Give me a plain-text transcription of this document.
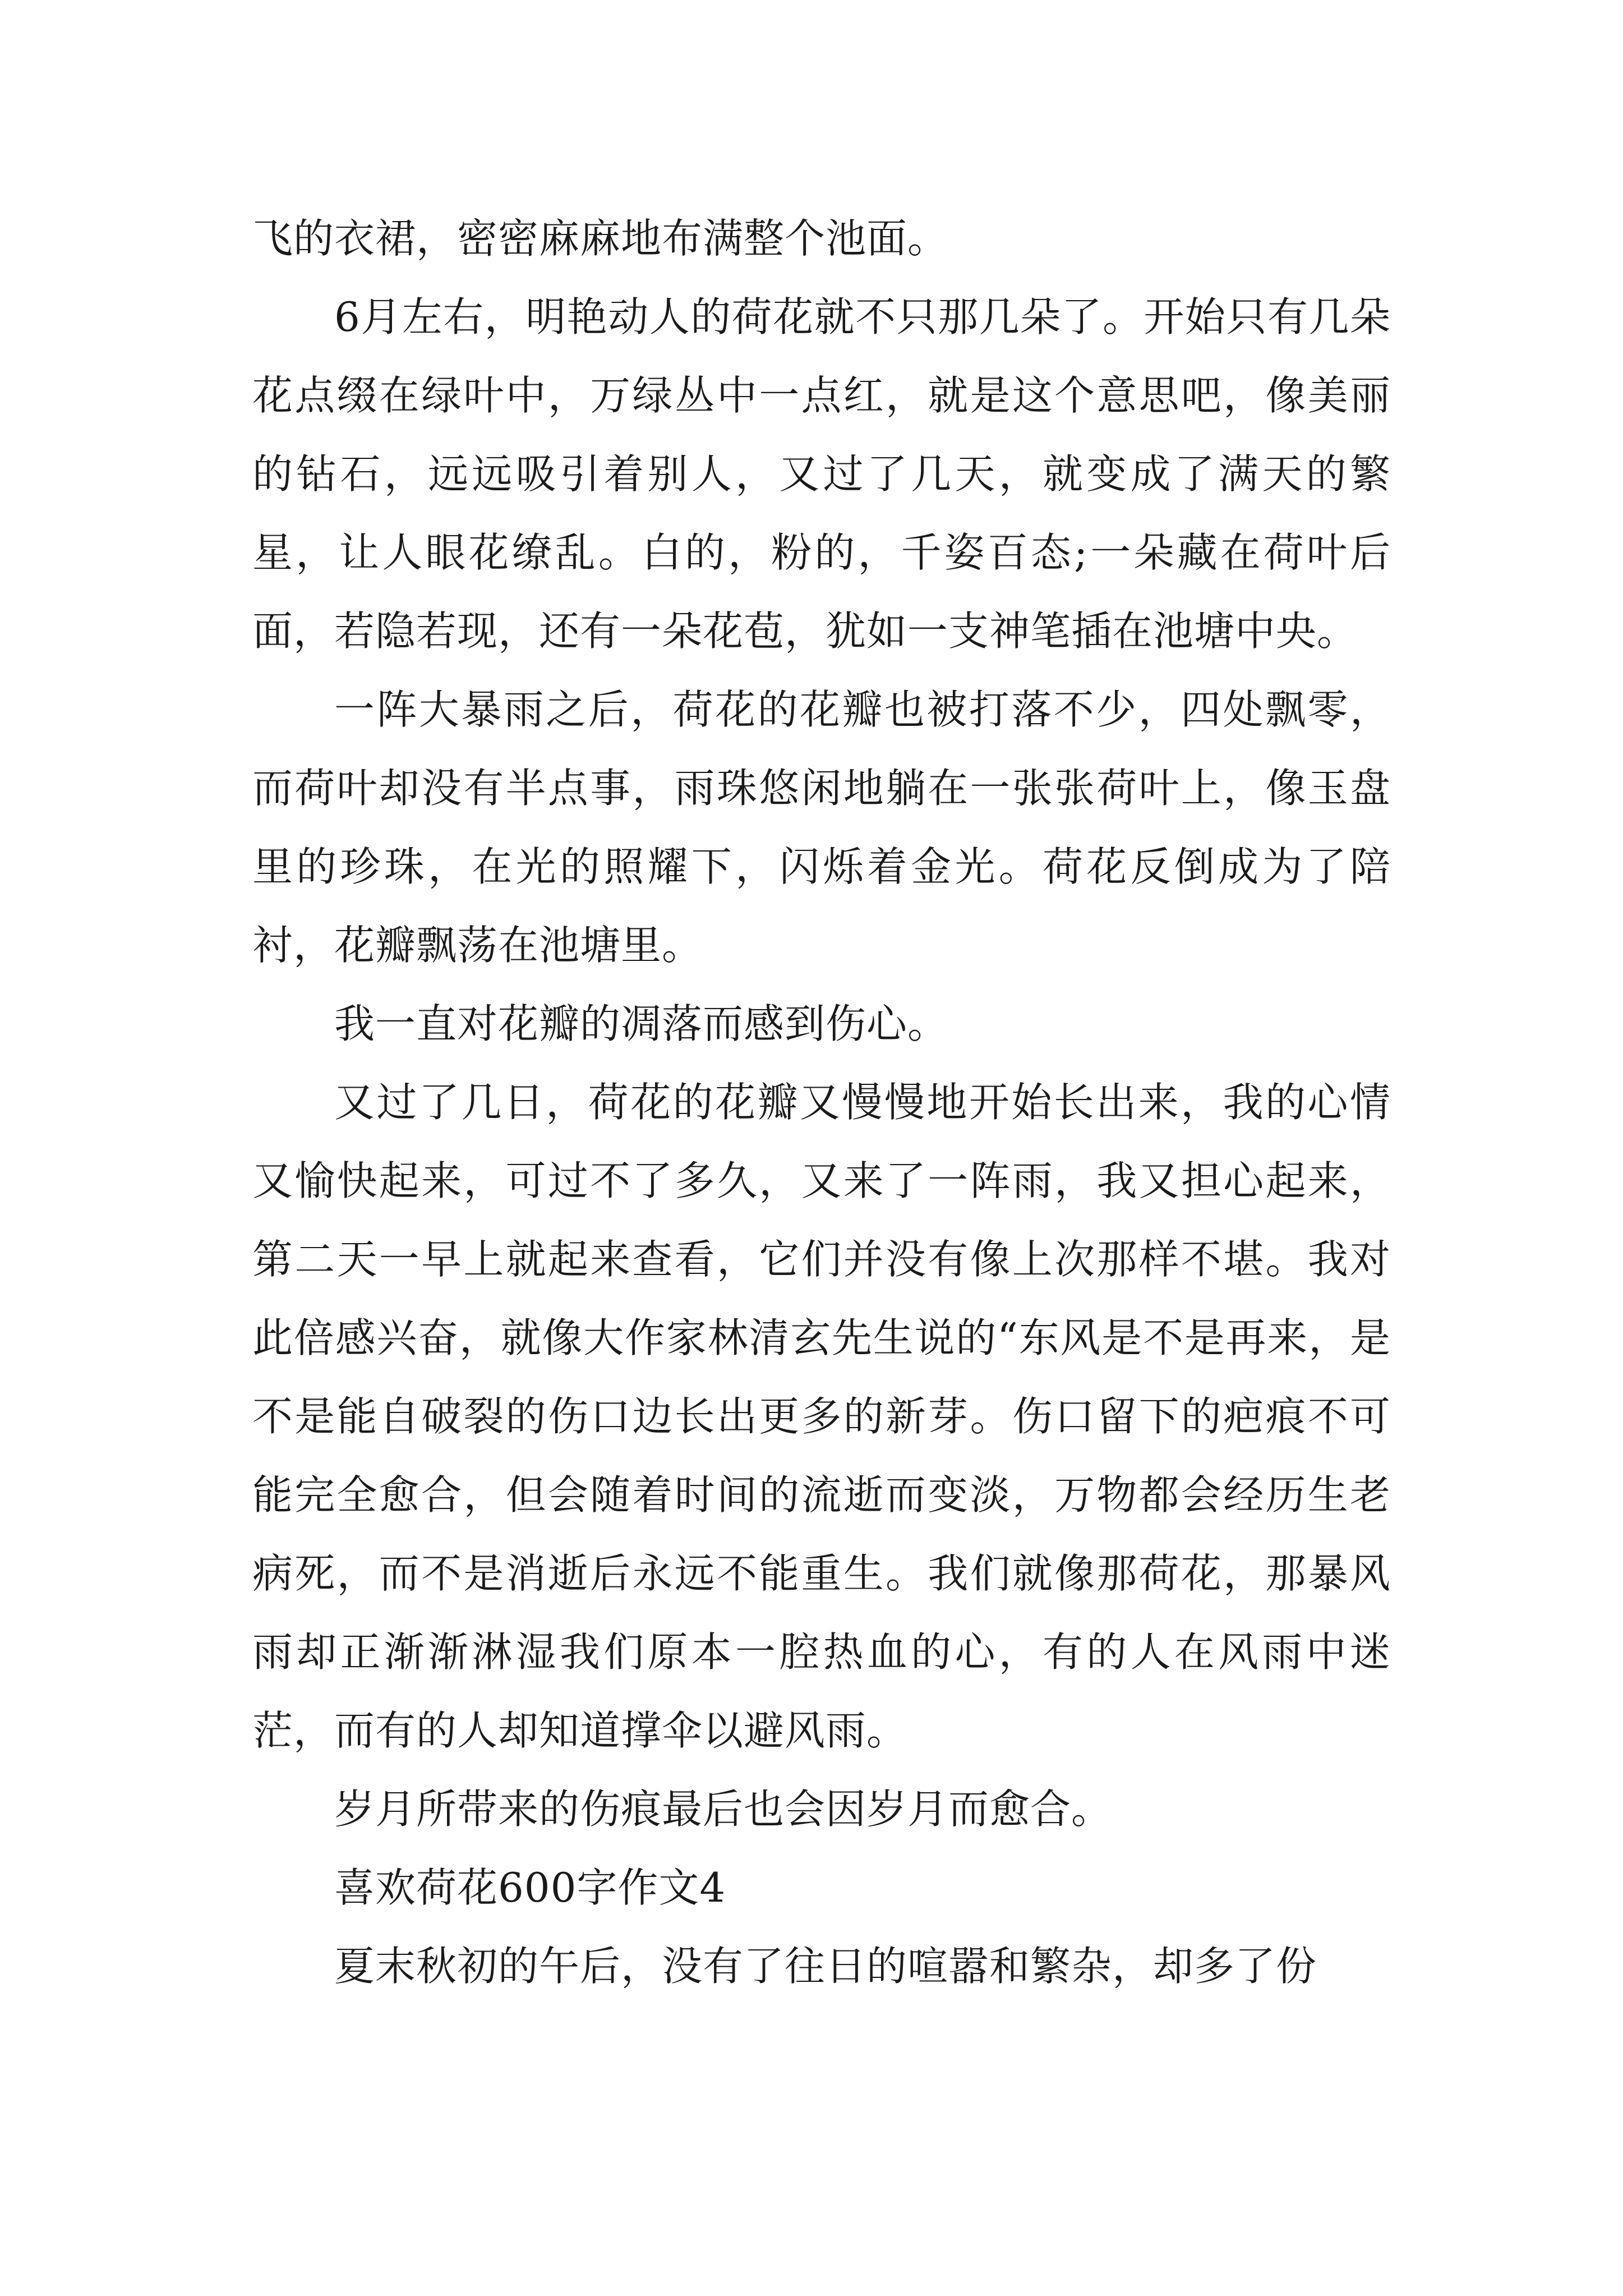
飞的衣裙，密密麻麻地布满整个池面。

6月左右，明艳动人的荷花就不只那几朵了。开始只有几朵花点缀在绿叶中，万绿丛中一点红，就是这个意思吧，像美丽的钻石，远远吸引着别人，又过了几天，就变成了满天的繁星，让人眼花缭乱。白的，粉的，千姿百态;一朵藏在荷叶后面，若隐若现，还有一朵花苞，犹如一支神笔插在池塘中央。

一阵大暴雨之后，荷花的花瓣也被打落不少，四处飘零，而荷叶却没有半点事，雨珠悠闲地躺在一张张荷叶上，像玉盘里的珍珠，在光的照耀下，闪烁着金光。荷花反倒成为了陪衬，花瓣飘荡在池塘里。

我一直对花瓣的凋落而感到伤心。

又过了几日，荷花的花瓣又慢慢地开始长出来，我的心情又愉快起来，可过不了多久，又来了一阵雨，我又担心起来，第二天一早上就起来查看，它们并没有像上次那样不堪。我对此倍感兴奋，就像大作家林清玄先生说的“东风是不是再来，是不是能自破裂的伤口边长出更多的新芽。伤口留下的疤痕不可能完全愈合，但会随着时间的流逝而变淡，万物都会经历生老病死，而不是消逝后永远不能重生。我们就像那荷花，那暴风雨却正渐渐淋湿我们原本一腔热血的心，有的人在风雨中迷茫，而有的人却知道撑伞以避风雨。

岁月所带来的伤痕最后也会因岁月而愈合。

喜欢荷花600字作文4

夏末秋初的午后，没有了往日的喧嚣和繁杂，却多了份
